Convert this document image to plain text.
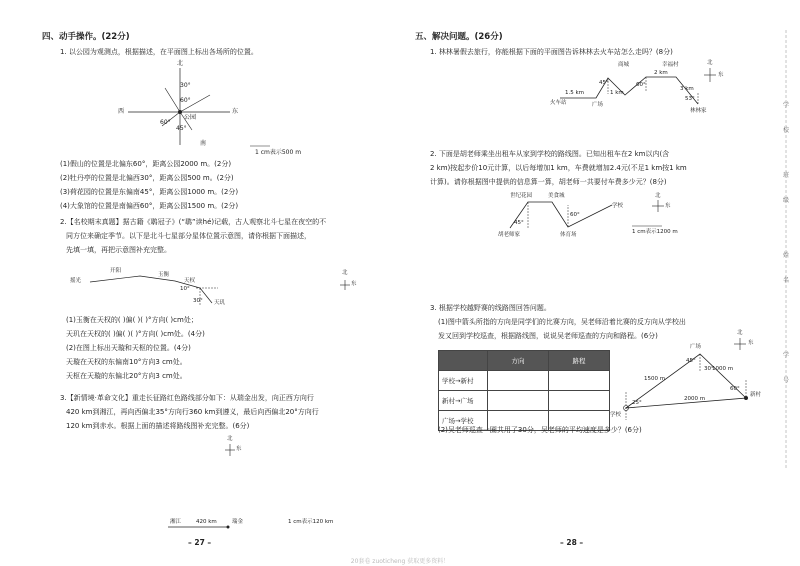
四、动手操作。(22分)
1. 以公园为观测点，根据描述，在平面图上标出各场所的位置。
北
西	东
南
公园
30°
60°
60°
45°
1 cm表示500 m
(1)假山的位置是北偏东60°，距离公园2000 m。(2分)
(2)牡丹亭的位置是北偏西30°，距离公园500 m。(2分)
(3)荷花园的位置是东偏南45°，距离公园1000 m。(2分)
(4)大象馆的位置是南偏西60°，距离公园1500 m。(2分)
2.【名校期末真题】据古籍《鹖冠子》(“鹖”读hé)记载，古人观察北斗七星在夜空的不
同方位来确定季节。以下是北斗七星部分星体位置示意图，请你根据下面描述，
先填一填，再把示意图补充完整。
摇光
开阳
玉衡
天权
天玑
10°
30°
北
东
(1)玉衡在天权的( )偏( )( )°方向( )cm处；
天玑在天权的( )偏( )( )°方向( )cm处。(4分)
(2)在图上标出天璇和天枢的位置。(4分)
天璇在天权的东偏南10°方向3 cm处。
天枢在天璇的东偏北20°方向3 cm处。
3.【新情境·革命文化】重走长征路红色路线部分如下：从瑞金出发，向正西方向行
420 km到湘江，再向西偏北35°方向行360 km到遵义，最后向西偏北20°方向行
120 km到赤水。根据上面的描述将路线图补充完整。(6分)
北
东
湘江	420 km	瑞金	1 cm表示120 km
– 27 –
五、解决问题。(26分)
1. 林林暑假去旅行，你能根据下面的平面图告诉林林去火车站怎么走吗？(8分)
商城	幸福村
火车站	广场
林林家
1.5 km	1 km
2 km
3 km
45°	60°
53°
北
东
2. 下面是胡老师乘坐出租车从家到学校的路线图。已知出租车在2 km以内(含
2 km)按起步价10元计算，以后每增加1 km，车费就增加2.4元(不足1 km按1 km
计算)。请你根据图中提供的信息算一算，胡老师一共要付车费多少元？(8分)
世纪花园	美食城
学校
胡老师家	体育场
45°
60°
1 cm表示1200 m
北
东
3. 根据学校越野赛的线路图回答问题。
(1)图中箭头所指的方向是同学们的比赛方向，吴老师沿着比赛的反方向从学校出
发又回到学校巡查，根据路线图，说说吴老师巡查的方向和路程。(6分)
	方向	路程
学校→新村		
新村→广场		
广场→学校		
广场
学校
新村
1500 m
1000 m
2000 m
45°
30°
60°
25°
北
东
(2)吴老师巡查一圈共用了30分，吴老师的平均速度是多少？(6分)
– 28 –
学
校
班
级
姓
名
学
号
20套卷 zuoticheng 获取更多资料！
